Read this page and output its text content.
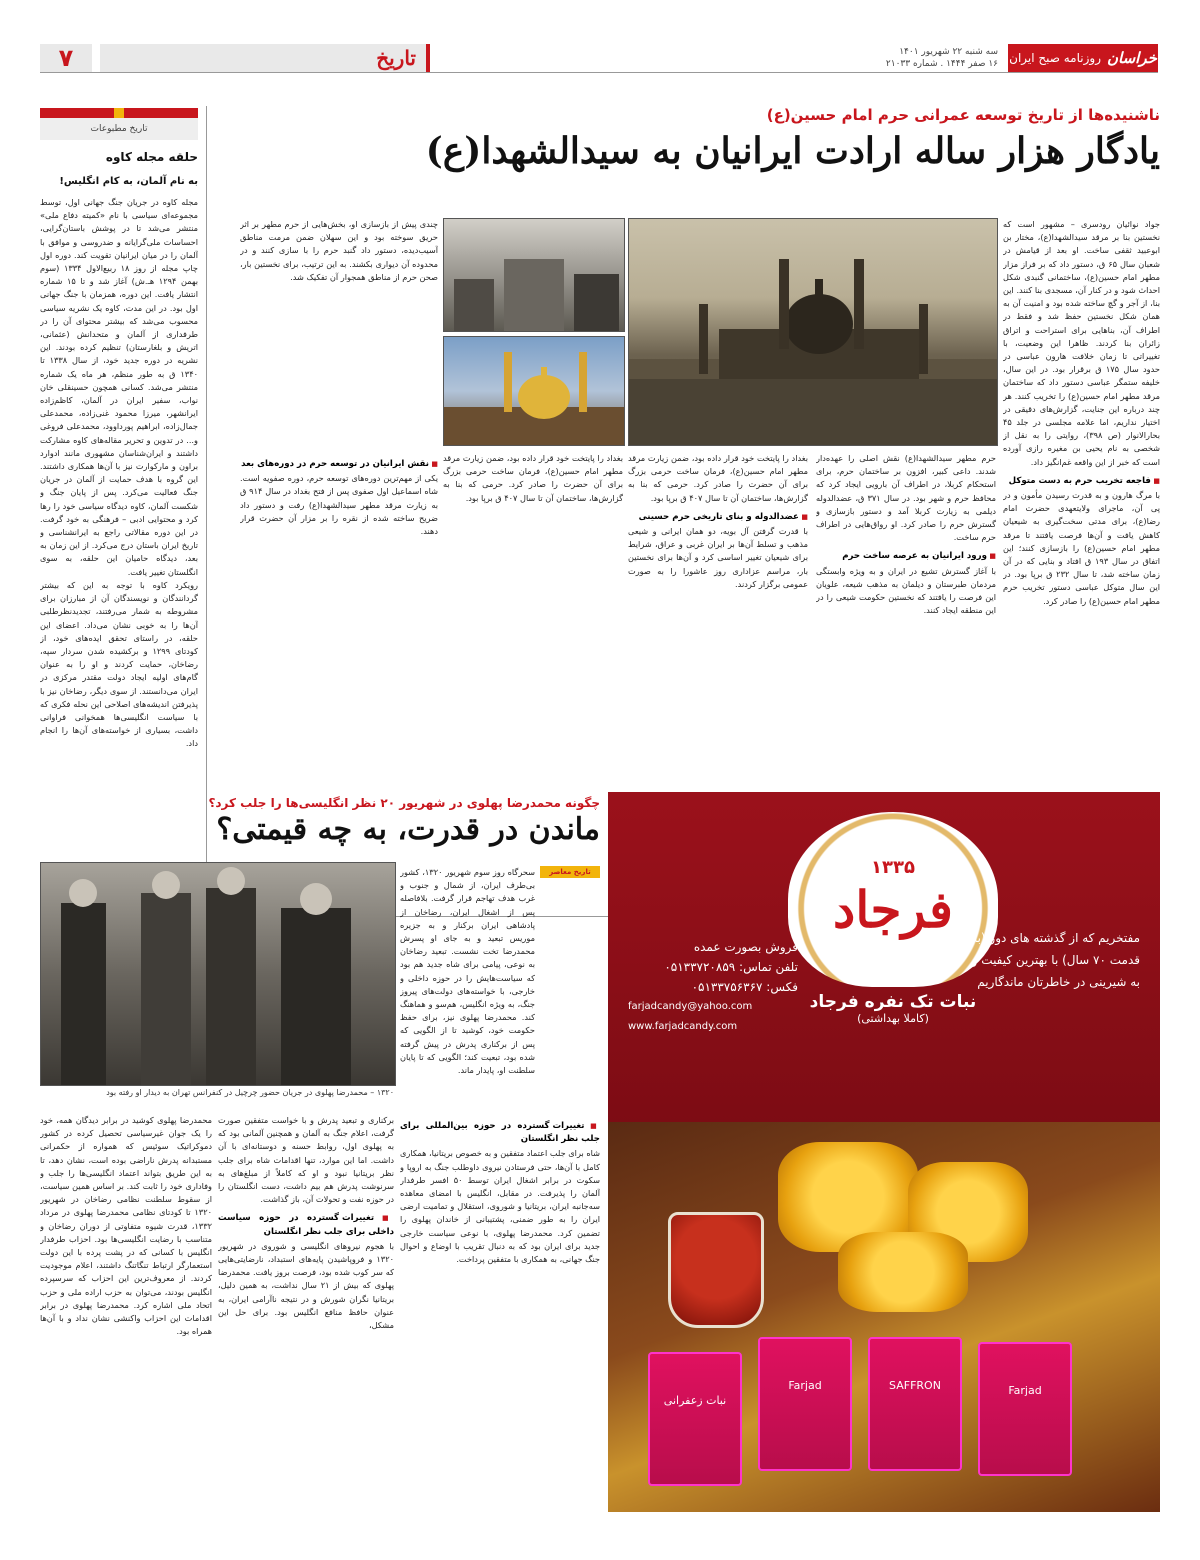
خراسان
روزنامه صبح ایران
سه شنبه ۲۲ شهریور ۱۴۰۱
۱۶ صفر ۱۴۴۴ . شماره ۲۱۰۳۳
تاریخ
۷
ناشنیده‌ها از تاریخ توسعه عمرانی حرم امام حسین(ع)
یادگار هزار ساله ارادت ایرانیان به سیدالشهدا(ع)

جواد نوائیان رودسری – مشهور است که نخستین بنا بر مرقد سیدالشهدا(ع)، مختار بن ابوعبید ثقفی ساخت. او بعد از قیامش در شعبان سال ۶۵ ق، دستور داد که بر فراز مزار مطهر امام حسین(ع)، ساختمانی گنبدی شکل احداث شود و در کنار آن، مسجدی بنا کنند. این بنا، از آجر و گچ ساخته شده بود و امنیت آن به همان شکل نخستین حفظ شد و فقط در اطراف آن، بناهایی برای استراحت و اتراق زائران بنا کردند. ظاهرا این وضعیت، با تغییراتی تا زمان خلافت هارون عباسی در حدود سال ۱۷۵ ق برقرار بود. در این سال، خلیفه ستمگر عباسی دستور داد که ساختمان مرقد مطهر امام حسین(ع) را تخریب کنند. هر چند درباره این جنایت، گزارش‌های دقیقی در اختیار نداریم، اما علامه مجلسی در جلد ۴۵ بحارالانوار (ص ۳۹۸)، روایتی را به نقل از شخصی به نام یحیی بن مغیره رازی آورده است که خبر از این واقعه غم‌انگیز داد.

■ فاجعه تخریب حرم به دست متوکل

با مرگ هارون و به قدرت رسیدن مأمون و در پی آن، ماجرای ولایتعهدی حضرت امام رضا(ع)، برای مدتی سخت‌گیری به شیعیان کاهش یافت و آن‌ها فرصت یافتند تا مرقد مطهر امام حسین(ع) را بازسازی کنند؛ این اتفاق در سال ۱۹۳ ق افتاد و بنایی که در آن زمان ساخته شد، تا سال ۲۳۲ ق برپا بود. در این سال متوکل عباسی دستور تخریب حرم مطهر امام حسین(ع) را صادر کرد.

چندی پیش از بازسازی او، بخش‌هایی از حرم مطهر بر اثر حریق سوخته بود و این سهلان ضمن مرمت مناطق آسیب‌دیده، دستور داد گنبد حرم را با سازی کنند و در محدوده آن دیواری بکشند. به این ترتیب، برای نخستین بار، صحن حرم از مناطق همجوار آن تفکیک شد.

حرم مطهر سیدالشهدا(ع) نقش اصلی را عهده‌دار شدند. داعی کبیر، افزون بر ساختمان حرم، برای استحکام کربلا، در اطراف آن بارویی ایجاد کرد که محافظ حرم و شهر بود. در سال ۳۷۱ ق، عضدالدوله دیلمی به زیارت کربلا آمد و دستور بازسازی و گسترش حرم را صادر کرد. او رواق‌هایی در اطراف حرم ساخت.

■ ورود ایرانیان به عرصه ساخت حرم

با آغاز گسترش تشیع در ایران و به ویژه وابستگی مردمان طبرستان و دیلمان به مذهب شیعه، علویان این فرصت را یافتند که نخستین حکومت شیعی را در این منطقه ایجاد کنند.

بغداد را پایتخت خود قرار داده بود، ضمن زیارت مرقد مطهر امام حسین(ع)، فرمان ساخت حرمی بزرگ برای آن حضرت را صادر کرد. حرمی که بنا به گزارش‌ها، ساختمان آن تا سال ۴۰۷ ق برپا بود.

■ عضدالدوله و بنای تاریخی حرم حسینی

با قدرت گرفتن آل بویه، دو همان ایرانی و شیعی مذهب و تسلط آن‌ها بر ایران غربی و عراق، شرایط برای شیعیان تغییر اساسی کرد و آن‌ها برای نخستین بار، مراسم عزاداری روز عاشورا را به صورت عمومی برگزار کردند.

بغداد را پایتخت خود قرار داده بود، ضمن زیارت مرقد مطهر امام حسین(ع)، فرمان ساخت حرمی بزرگ برای آن حضرت را صادر کرد. حرمی که بنا به گزارش‌ها، ساختمان آن تا سال ۴۰۷ ق برپا بود.

■ نقش ایرانیان در توسعه حرم در دوره‌های بعد

یکی از مهم‌ترین دوره‌های توسعه حرم، دوره صفویه است. شاه اسماعیل اول صفوی پس از فتح بغداد در سال ۹۱۴ ق به زیارت مرقد مطهر سیدالشهدا(ع) رفت و دستور داد ضریح ساخته شده از نقره را بر مزار آن حضرت قرار دهند.

تاریخ مطبوعات
حلقه مجله کاوه
به نام آلمان، به کام انگلیس!

مجله کاوه در جریان جنگ جهانی اول، توسط مجموعه‌ای سیاسی با نام «کمیته دفاع ملی» منتشر می‌شد تا در پوشش باستان‌گرایی، احساسات ملی‌گرایانه و ضدروسی و موافق با آلمان را در میان ایرانیان تقویت کند. دوره اول چاپ مجله از روز ۱۸ ربیع‌الاول ۱۳۳۴ (سوم بهمن ۱۲۹۴ هـ.ش) آغاز شد و تا ۱۵ شماره انتشار یافت. این دوره، همزمان با جنگ جهانی اول بود. در این مدت، کاوه یک نشریه سیاسی محسوب می‌شد که بیشتر محتوای آن را در طرفداری از آلمان و متحدانش (عثمانی، اتریش و بلغارستان) تنظیم کرده بودند. این نشریه در دوره جدید خود، از سال ۱۳۳۸ تا ۱۳۴۰ ق به طور منظم، هر ماه یک شماره منتشر می‌شد. کسانی همچون حسینقلی خان نواب، سفیر ایران در آلمان، کاظم‌زاده ایرانشهر، میرزا محمود غنی‌زاده، محمدعلی جمال‌زاده، ابراهیم پورداوود، محمدعلی فروغی و... در تدوین و تحریر مقاله‌های کاوه مشارکت داشتند و ایران‌شناسان مشهوری مانند ادوارد براون و مارکوارت نیز با آن‌ها همکاری داشتند. این گروه با هدف حمایت از آلمان در جریان جنگ فعالیت می‌کرد. پس از پایان جنگ و شکست آلمان، کاوه دیدگاه سیاسی خود را رها کرد و محتوایی ادبی – فرهنگی به خود گرفت. در این دوره مقالاتی راجع به ایرانشناسی و تاریخ ایران باستان درج می‌کرد. از این زمان به بعد، دیدگاه حامیان این حلقه، به سوی انگلستان تغییر یافت.

رویکرد کاوه با توجه به این که بیشتر گردانندگان و نویسندگان آن از مبارزان برای مشروطه به شمار می‌رفتند، تجدیدنظرطلبی آن‌ها را به ‌خوبی نشان می‌داد. اعضای این حلقه، در راستای تحقق ایده‌های خود، از کودتای ۱۲۹۹ و برکشیده شدن سردار سپه، رضاخان، حمایت کردند و او را به ‌عنوان گام‌های اولیه ایجاد دولت مقتدر مرکزی در ایران می‌دانستند. از سوی دیگر، رضاخان نیز با پذیرفتن اندیشه‌های اصلاحی این نحله فکری که با سیاست انگلیسی‌ها همخوانی فراوانی داشت، بسیاری از خواسته‌های آن‌ها را انجام داد.

چگونه محمدرضا پهلوی در شهریور ۲۰ نظر انگلیسی‌ها را جلب کرد؟
ماندن در قدرت، به چه قیمتی؟
۱۳۲۰ – محمدرضا پهلوی در جریان حضور چرچیل در کنفرانس تهران به دیدار او رفته بود
تاریخ معاصر

سحرگاه روز سوم شهریور ۱۳۲۰، کشور بی‌طرف ایران، از شمال و جنوب و غرب هدف تهاجم قرار گرفت. بلافاصله پس از اشغال ایران، رضاخان از پادشاهی ایران برکنار و به جزیره موریس تبعید و به جای او پسرش محمدرضا تخت نشست. تبعید رضاخان به نوعی، پیامی برای شاه جدید هم بود که سیاست‌هایش را در حوزه داخلی و خارجی، با خواسته‌های دولت‌های پیروز جنگ، به ویژه انگلیس، هم‌سو و هماهنگ کند. محمدرضا پهلوی نیز، برای حفظ حکومت خود، کوشید تا از الگویی که پس از برکناری پدرش در پیش گرفته شده بود، تبعیت کند؛ الگویی که تا پایان سلطنت او، پایدار ماند.

■ تغییرات گسترده در حوزه بین‌المللی برای جلب نظر انگلستان

شاه برای جلب اعتماد متفقین و به خصوص بریتانیا، همکاری کامل با آن‌ها، حتی فرستادن نیروی داوطلب جنگ به اروپا و سکوت در برابر اشغال ایران توسط ۵۰ افسر طرفدار آلمان را پذیرفت. در مقابل، انگلیس با امضای معاهده سه‌جانبه ایران، بریتانیا و شوروی، استقلال و تمامیت ارضی ایران را به طور ضمنی، پشتیبانی از خاندان پهلوی را تضمین کرد. محمدرضا پهلوی، با نوعی سیاست خارجی جدید برای ایران بود که به دنبال تقریب با اوضاع و احوال جنگ جهانی، به همکاری با متفقین پرداخت.

برکناری و تبعید پدرش و با خواست متفقین صورت گرفت، اعلام جنگ به آلمان و همچنین آلمانی بود که به پهلوی اول، روابط حسنه و دوستانه‌ای با آن داشت. اما این موارد، تنها اقدامات شاه برای جلب نظر بریتانیا نبود و او که کاملاً از مبلغ‌های به سرنوشت پدرش هم بیم داشت، دست انگلستان را در حوزه نفت و تحولات آن، باز گذاشت.

■ تغییرات گسترده در حوزه سیاست داخلی برای جلب نظر انگلستان

با هجوم نیروهای انگلیسی و شوروی در شهریور ۱۳۲۰ و فروپاشیدن پایه‌های استبداد، نارضایتی‌هایی که سر کوب شده بود، فرصت بروز یافت. محمدرضا پهلوی که بیش از ۲۱ سال نداشت، به همین دلیل، بریتانیا نگران شورش و در نتیجه ناآرامی ایران، به عنوان حافظ منافع انگلیس بود. برای حل این مشکل،

محمدرضا پهلوی کوشید در برابر دیدگان همه، خود را یک جوان غیرسیاسی تحصیل کرده در کشور دموکراتیک سوئیس که همواره از حکمرانی مستبدانه پدرش ناراضی بوده است، نشان دهد، تا به این طریق بتواند اعتماد انگلیسی‌ها را جلب و وفاداری خود را ثابت کند. بر اساس همین سیاست، از سقوط سلطنت نظامی رضاخان در شهریور ۱۳۲۰ تا کودتای نظامی محمدرضا پهلوی در مرداد ۱۳۳۲، قدرت شیوه متفاوتی از دوران رضاخان و متناسب با رضایت انگلیسی‌ها بود. احزاب طرفدار انگلیس با کسانی که در پشت پرده با این دولت استعمارگر ارتباط تنگاتنگ داشتند، اعلام موجودیت کردند. از معروف‌ترین این احزاب که سرسپرده انگلیس بودند، می‌توان به حزب اراده ملی و حزب اتحاد ملی اشاره کرد. محمدرضا پهلوی در برابر اقدامات این احزاب واکنشی نشان نداد و با آن‌ها همراه بود.

۱۳۳۵
فرجاد
فروش بصورت عمده
تلفن تماس: ۰۵۱۳۳۷۲۰۸۵۹
فکس: ۰۵۱۳۳۷۵۶۳۶۷
farjadcandy@yahoo.com
www.farjadcandy.com
مفتخریم که از گذشته های دور (با قدمت ۷۰ سال) با بهترین کیفیت و به شیرینی در خاطرتان ماندگاریم
نبات تک نفره فرجاد
(کاملا بهداشتی)
نبات زعفرانی
Farjad	SAFFRON	Farjad
